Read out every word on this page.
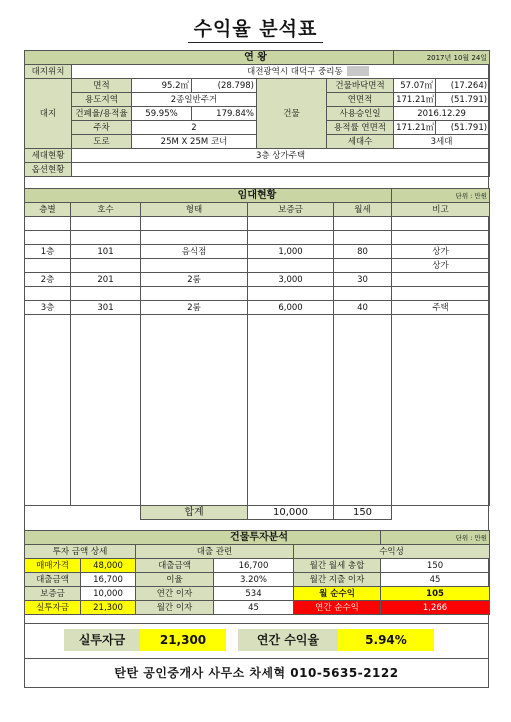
수익율 분석표
연 왕						2017년 10월 24일	
대지위치	대전광역시 대덕구 중리동						
대지	면적	95.2㎡	(28.798)	건물	건물바닥면적	57.07㎡	(17.264)
	용도지역	2종일반주거			연면적	171.21㎡	(51.791)
	건폐율/용적율	59.95%	179.84%		사용승인일	2016.12.29	
	주차	2			용적률 연면적	171.21㎡	(51.791)
	도로	25M X 25M 코너			세대수	3세대	
세대현황	3층 상가주택						
옵션현황							
임대현황					단위 : 만원
층별	호수	형태	보증금	월세	비고

1층	101	음식점	1,000	80	상가
					상가
2층	201	2룸	3,000	30	

3층	301	2룸	6,000	40	주택

		합계	10,000	150	
건물투자분석					단위 : 만원
투자 금액 상세		대출 관련		수익성	
매매가격	48,000	대출금액	16,700	월간 월세 총합	150
대출금액	16,700	이율	3.20%	월간 지출 이자	45
보증금	10,000	연간 이자	534	월 순수익	105
실투자금	21,300	월간 이자	45	연간 순수익	1,266
실투자금	21,300	연간 수익율	5.94%
탄탄 공인중개사 사무소 차세혁 010-5635-2122
